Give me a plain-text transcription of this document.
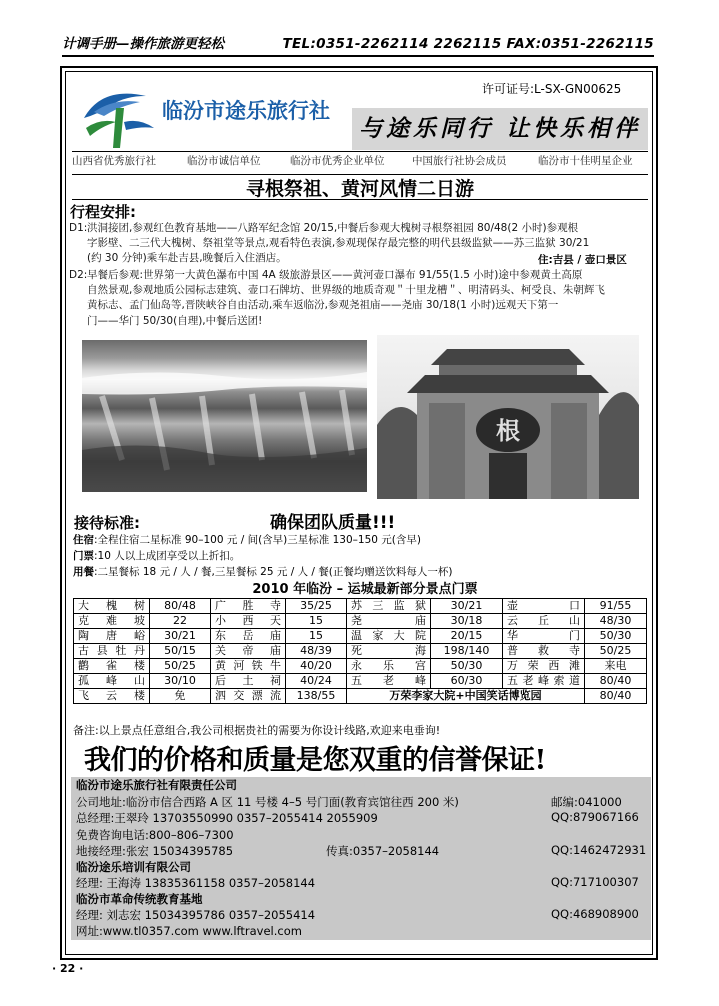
计调手册—操作旅游更轻松	TEL:0351-2262114 2262115 FAX:0351-2262115
许可证号:L-SX-GN00625
临汾市途乐旅行社
与途乐同行 让快乐相伴
山西省优秀旅行社	临汾市诚信单位	临汾市优秀企业单位	中国旅行社协会成员	临汾市十佳明星企业
寻根祭祖、黄河风情二日游
行程安排:
D1:洪洞接团,参观红色教育基地——八路军纪念馆 20/15,中餐后参观大槐树寻根祭祖园 80/48(2 小时)参观根
字影壁、二三代大槐树、祭祖堂等景点,观看特色表演,参观现保存最完整的明代县级监狱——苏三监狱 30/21
(约 30 分钟)乘车赴吉县,晚餐后入住酒店。	住:吉县 / 壶口景区
D2:早餐后参观:世界第一大黄色瀑布中国 4A 级旅游景区——黄河壶口瀑布 91/55(1.5 小时)途中参观黄土高原
自然景观,参观地质公园标志建筑、壶口石牌坊、世界级的地质奇观＂十里龙槽＂、明清码头、柯受良、朱朝辉飞
黄标志、孟门仙岛等,晋陕峡谷自由活动,乘车返临汾,参观尧祖庙——尧庙 30/18(1 小时)远观天下第一
门——华门 50/30(自理),中餐后送团!
根
接待标准:	确保团队质量!!!
住宿:全程住宿二星标准 90–100 元 / 间(含早)三星标准 130–150 元(含早)
门票:10 人以上成团享受以上折扣。
用餐:二星餐标 18 元 / 人 / 餐,三星餐标 25 元 / 人 / 餐(正餐均赠送饮料每人一杯)
2010 年临汾 – 运城最新部分景点门票
大槐树	80/48	广胜寺	35/25	苏三监狱	30/21	壶口	91/55
克难坡	22	小西天	15	尧庙	30/18	云丘山	48/30
陶唐峪	30/21	东岳庙	15	温家大院	20/15	华门	50/30
古县牡丹	50/15	关帝庙	48/39	死海	198/140	普救寺	50/25
鹳雀楼	50/25	黄河铁牛	40/20	永乐宫	50/30	万荣西滩	来电
孤峰山	30/10	后土祠	40/24	五老峰	60/30	五老峰索道	80/40
飞云楼	免	泗交漂流	138/55	万荣李家大院+中国笑话博览园			80/40
备注:以上景点任意组合,我公司根据贵社的需要为你设计线路,欢迎来电垂询!
我们的价格和质量是您双重的信誉保证!
临汾市途乐旅行社有限责任公司
公司地址:临汾市信合西路 A 区 11 号楼 4–5 号门面(教育宾馆往西 200 米)	邮编:041000
总经理:王翠玲 13703550990 0357–2055414 2055909	QQ:879067166
免费咨询电话:800–806–7300
地接经理:张宏 15034395785	传真:0357–2058144	QQ:1462472931
临汾途乐培训有限公司
经理: 王海涛 13835361158 0357–2058144	QQ:717100307
临汾市革命传统教育基地
经理: 刘志宏 15034395786 0357–2055414	QQ:468908900
网址:www.tl0357.com www.lftravel.com
· 22 ·
